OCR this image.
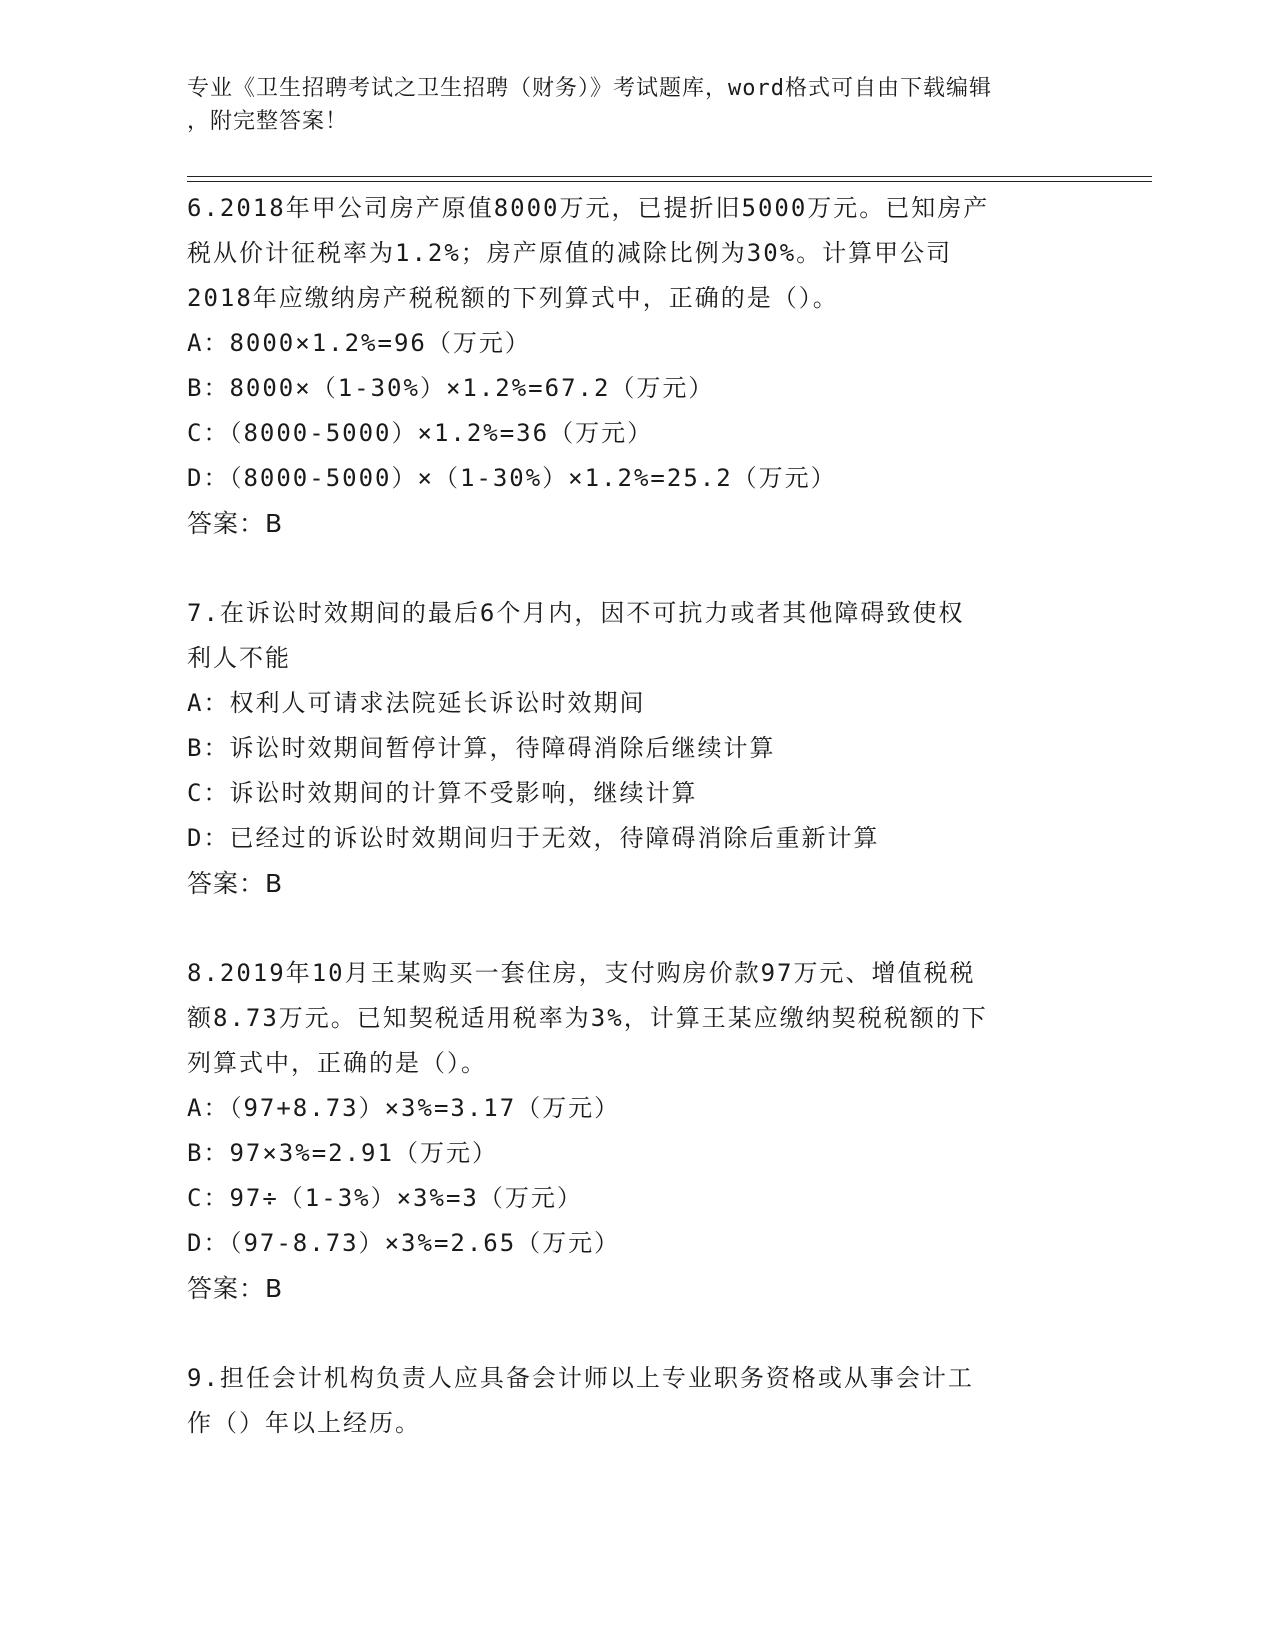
专业《卫生招聘考试之卫生招聘（财务）》考试题库，word格式可自由下载编辑
，附完整答案！
6.2018年甲公司房产原值8000万元，已提折旧5000万元。已知房产
税从价计征税率为1.2%；房产原值的减除比例为30%。计算甲公司
2018年应缴纳房产税税额的下列算式中，正确的是（）。
A：8000×1.2%=96（万元）
B：8000×（1-30%）×1.2%=67.2（万元）
C：（8000-5000）×1.2%=36（万元）
D：（8000-5000）×（1-30%）×1.2%=25.2（万元）
答案：B
7.在诉讼时效期间的最后6个月内，因不可抗力或者其他障碍致使权
利人不能
A：权利人可请求法院延长诉讼时效期间
B：诉讼时效期间暂停计算，待障碍消除后继续计算
C：诉讼时效期间的计算不受影响，继续计算
D：已经过的诉讼时效期间归于无效，待障碍消除后重新计算
答案：B
8.2019年10月王某购买一套住房，支付购房价款97万元、增值税税
额8.73万元。已知契税适用税率为3%，计算王某应缴纳契税税额的下
列算式中，正确的是（）。
A：（97+8.73）×3%=3.17（万元）
B：97×3%=2.91（万元）
C：97÷（1-3%）×3%=3（万元）
D：（97-8.73）×3%=2.65（万元）
答案：B
9.担任会计机构负责人应具备会计师以上专业职务资格或从事会计工
作（）年以上经历。
